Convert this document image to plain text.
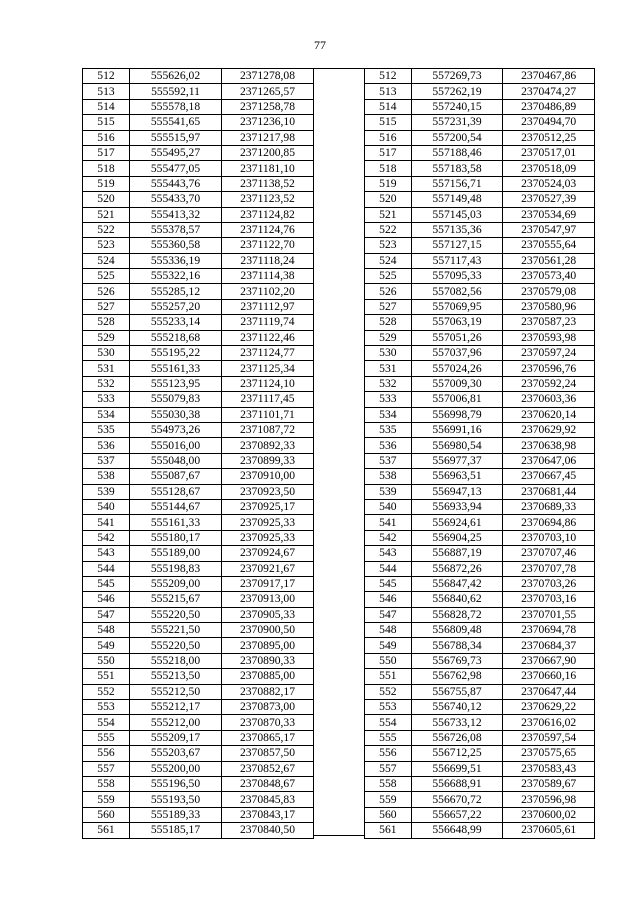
77
512	555626,02	2371278,08
513	555592,11	2371265,57
514	555578,18	2371258,78
515	555541,65	2371236,10
516	555515,97	2371217,98
517	555495,27	2371200,85
518	555477,05	2371181,10
519	555443,76	2371138,52
520	555433,70	2371123,52
521	555413,32	2371124,82
522	555378,57	2371124,76
523	555360,58	2371122,70
524	555336,19	2371118,24
525	555322,16	2371114,38
526	555285,12	2371102,20
527	555257,20	2371112,97
528	555233,14	2371119,74
529	555218,68	2371122,46
530	555195,22	2371124,77
531	555161,33	2371125,34
532	555123,95	2371124,10
533	555079,83	2371117,45
534	555030,38	2371101,71
535	554973,26	2371087,72
536	555016,00	2370892,33
537	555048,00	2370899,33
538	555087,67	2370910,00
539	555128,67	2370923,50
540	555144,67	2370925,17
541	555161,33	2370925,33
542	555180,17	2370925,33
543	555189,00	2370924,67
544	555198,83	2370921,67
545	555209,00	2370917,17
546	555215,67	2370913,00
547	555220,50	2370905,33
548	555221,50	2370900,50
549	555220,50	2370895,00
550	555218,00	2370890,33
551	555213,50	2370885,00
552	555212,50	2370882,17
553	555212,17	2370873,00
554	555212,00	2370870,33
555	555209,17	2370865,17
556	555203,67	2370857,50
557	555200,00	2370852,67
558	555196,50	2370848,67
559	555193,50	2370845,83
560	555189,33	2370843,17
561	555185,17	2370840,50
512	557269,73	2370467,86
513	557262,19	2370474,27
514	557240,15	2370486,89
515	557231,39	2370494,70
516	557200,54	2370512,25
517	557188,46	2370517,01
518	557183,58	2370518,09
519	557156,71	2370524,03
520	557149,48	2370527,39
521	557145,03	2370534,69
522	557135,36	2370547,97
523	557127,15	2370555,64
524	557117,43	2370561,28
525	557095,33	2370573,40
526	557082,56	2370579,08
527	557069,95	2370580,96
528	557063,19	2370587,23
529	557051,26	2370593,98
530	557037,96	2370597,24
531	557024,26	2370596,76
532	557009,30	2370592,24
533	557006,81	2370603,36
534	556998,79	2370620,14
535	556991,16	2370629,92
536	556980,54	2370638,98
537	556977,37	2370647,06
538	556963,51	2370667,45
539	556947,13	2370681,44
540	556933,94	2370689,33
541	556924,61	2370694,86
542	556904,25	2370703,10
543	556887,19	2370707,46
544	556872,26	2370707,78
545	556847,42	2370703,26
546	556840,62	2370703,16
547	556828,72	2370701,55
548	556809,48	2370694,78
549	556788,34	2370684,37
550	556769,73	2370667,90
551	556762,98	2370660,16
552	556755,87	2370647,44
553	556740,12	2370629,22
554	556733,12	2370616,02
555	556726,08	2370597,54
556	556712,25	2370575,65
557	556699,51	2370583,43
558	556688,91	2370589,67
559	556670,72	2370596,98
560	556657,22	2370600,02
561	556648,99	2370605,61
